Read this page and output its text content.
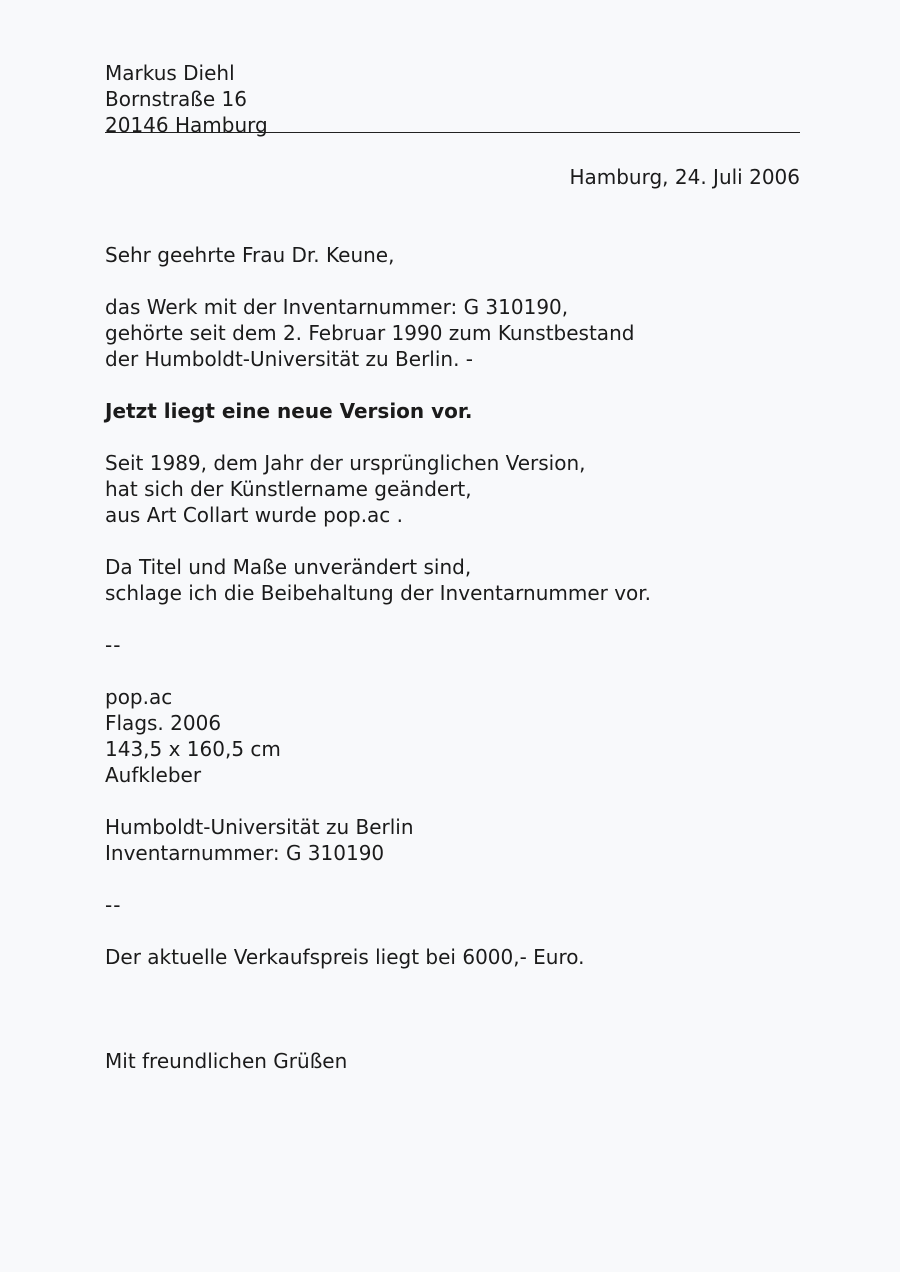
Markus Diehl
Bornstraße 16
20146 Hamburg
Hamburg, 24. Juli 2006
Sehr geehrte Frau Dr. Keune,
das Werk mit der Inventarnummer: G 310190,
gehörte seit dem 2. Februar 1990 zum Kunstbestand
der Humboldt-Universität zu Berlin. -
Jetzt liegt eine neue Version vor.
Seit 1989, dem Jahr der ursprünglichen Version,
hat sich der Künstlername geändert,
aus Art Collart wurde pop.ac .
Da Titel und Maße unverändert sind,
schlage ich die Beibehaltung der Inventarnummer vor.
--
pop.ac
Flags. 2006
143,5 x 160,5 cm
Aufkleber
Humboldt-Universität zu Berlin
Inventarnummer: G 310190
--
Der aktuelle Verkaufspreis liegt bei 6000,- Euro.
Mit freundlichen Grüßen
